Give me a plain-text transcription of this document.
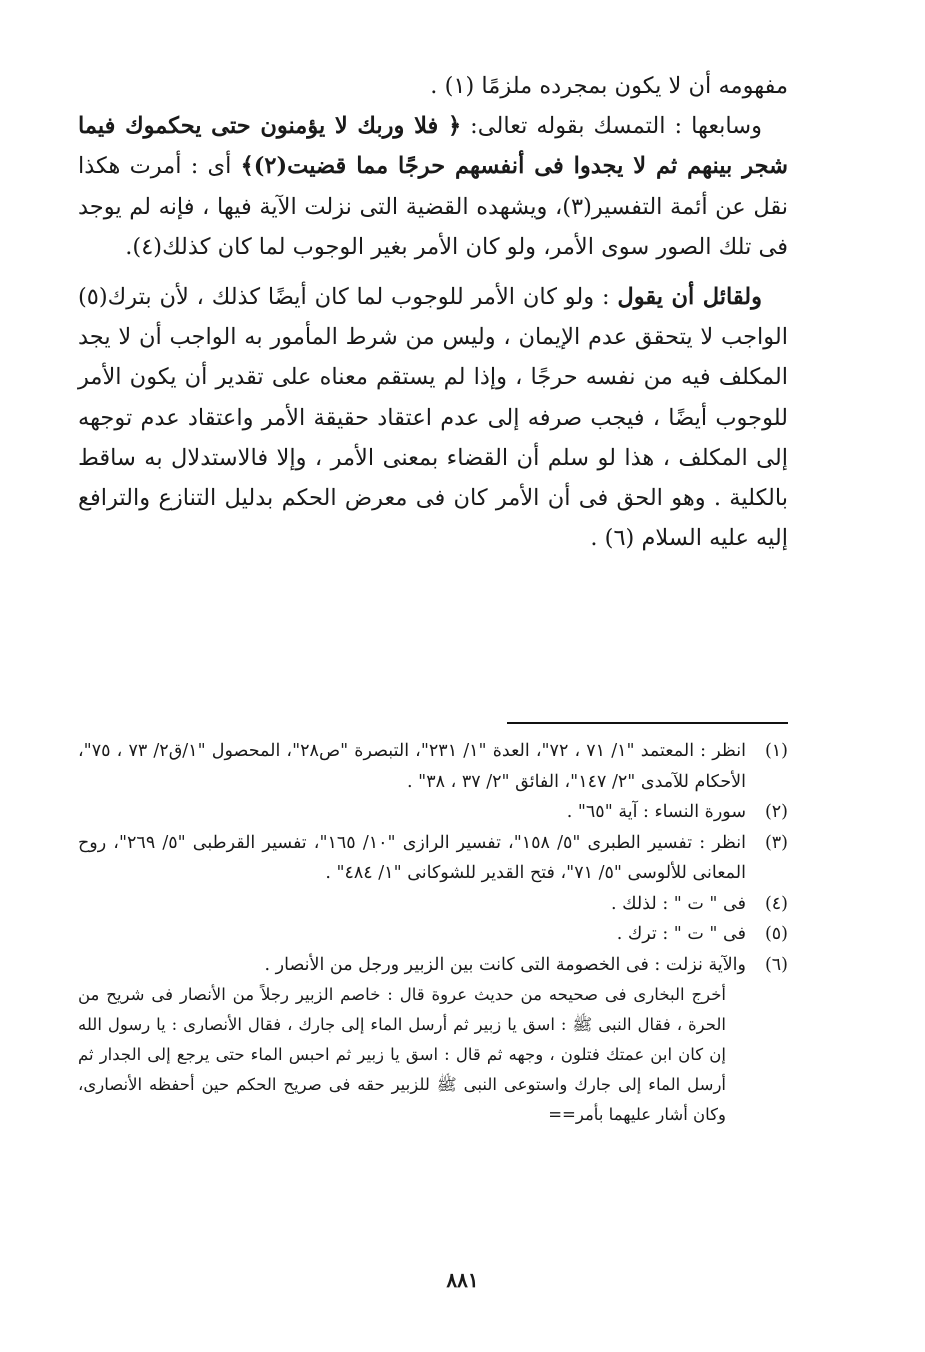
مفهومه أن لا يكون بمجرده ملزمًا (١) .

وسابعها : التمسك بقوله تعالى: ﴿ فلا وربك لا يؤمنون حتى يحكموك فيما شجر بينهم ثم لا يجدوا فى أنفسهم حرجًا مما قضيت(٢)﴾ أى : أمرت هكذا نقل عن أئمة التفسير(٣)، ويشهده القضية التى نزلت الآية فيها ، فإنه لم يوجد فى تلك الصور سوى الأمر، ولو كان الأمر بغير الوجوب لما كان كذلك(٤).

ولقائل أن يقول : ولو كان الأمر للوجوب لما كان أيضًا كذلك ، لأن بترك(٥) الواجب لا يتحقق عدم الإيمان ، وليس من شرط المأمور به الواجب أن لا يجد المكلف فيه من نفسه حرجًا ، وإذا لم يستقم معناه على تقدير أن يكون الأمر للوجوب أيضًا ، فيجب صرفه إلى عدم اعتقاد حقيقة الأمر واعتقاد عدم توجهه إلى المكلف ، هذا لو سلم أن القضاء بمعنى الأمر ، وإلا فالاستدلال به ساقط بالكلية . وهو الحق فى أن الأمر كان فى معرض الحكم بدليل التنازع والترافع إليه عليه السلام (٦) .

(١)
انظر : المعتمد "١/ ٧١ ، ٧٢"، العدة "١/ ٢٣١"، التبصرة "ص٢٨"، المحصول "١/ق٢/ ٧٣ ، ٧٥"، الأحكام للآمدى "٢/ ١٤٧"، الفائق "٢/ ٣٧ ، ٣٨" .
(٢)
سورة النساء : آية "٦٥" .
(٣)
انظر : تفسير الطبرى "٥/ ١٥٨"، تفسير الرازى "١٠/ ١٦٥"، تفسير القرطبى "٥/ ٢٦٩"، روح المعانى للألوسى "٥/ ٧١"، فتح القدير للشوكانى "١/ ٤٨٤" .
(٤)
فى " ت " : لذلك .
(٥)
فى " ت " : ترك .
(٦)
والآية نزلت : فى الخصومة التى كانت بين الزبير ورجل من الأنصار .
أخرج البخارى فى صحيحه من حديث عروة قال : خاصم الزبير رجلاً من الأنصار فى شريح من الحرة ، فقال النبى ﷺ : اسق يا زبير ثم أرسل الماء إلى جارك ، فقال الأنصارى : يا رسول الله إن كان ابن عمتك فتلون ، وجهه ثم قال : اسق يا زبير ثم احبس الماء حتى يرجع إلى الجدار ثم أرسل الماء إلى جارك واستوعى النبى ﷺ للزبير حقه فى صريح الحكم حين أحفظه الأنصارى، وكان أشار عليهما بأمر==
٨٨١
